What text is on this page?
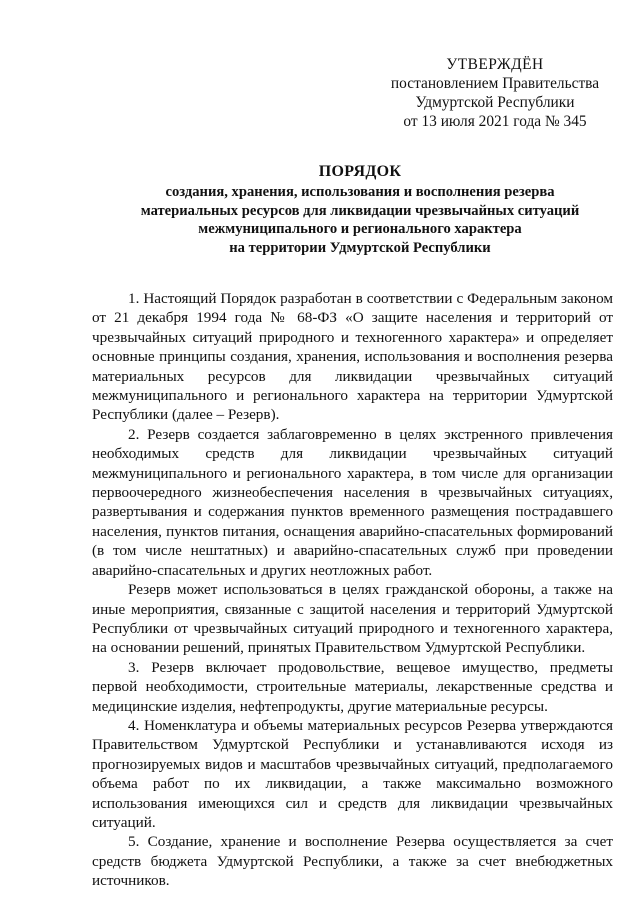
УТВЕРЖДЁН
постановлением Правительства
Удмуртской Республики
от 13 июля 2021 года № 345
ПОРЯДОК
создания, хранения, использования и восполнения резерва
материальных ресурсов для ликвидации чрезвычайных ситуаций
межмуниципального и регионального характера
на территории Удмуртской Республики

1. Настоящий Порядок разработан в соответствии с Федеральным законом от 21 декабря 1994 года № 68-ФЗ «О защите населения и территорий от чрезвычайных ситуаций природного и техногенного характера» и определяет основные принципы создания, хранения, использования и восполнения резерва материальных ресурсов для ликвидации чрезвычайных ситуаций межмуниципального и регионального характера на территории Удмуртской Республики (далее – Резерв).

2. Резерв создается заблаговременно в целях экстренного привлечения необходимых средств для ликвидации чрезвычайных ситуаций межмуниципального и регионального характера, в том числе для организации первоочередного жизнеобеспечения населения в чрезвычайных ситуациях, развертывания и содержания пунктов временного размещения пострадавшего населения, пунктов питания, оснащения аварийно-спасательных формирований (в том числе нештатных) и аварийно-спасательных служб при проведении аварийно-спасательных и других неотложных работ.

Резерв может использоваться в целях гражданской обороны, а также на иные мероприятия, связанные с защитой населения и территорий Удмуртской Республики от чрезвычайных ситуаций природного и техногенного характера, на основании решений, принятых Правительством Удмуртской Республики.

3. Резерв включает продовольствие, вещевое имущество, предметы первой необходимости, строительные материалы, лекарственные средства и медицинские изделия, нефтепродукты, другие материальные ресурсы.

4. Номенклатура и объемы материальных ресурсов Резерва утверждаются Правительством Удмуртской Республики и устанавливаются исходя из прогнозируемых видов и масштабов чрезвычайных ситуаций, предполагаемого объема работ по их ликвидации, а также максимально возможного использования имеющихся сил и средств для ликвидации чрезвычайных ситуаций.

5. Создание, хранение и восполнение Резерва осуществляется за счет средств бюджета Удмуртской Республики, а также за счет внебюджетных источников.
